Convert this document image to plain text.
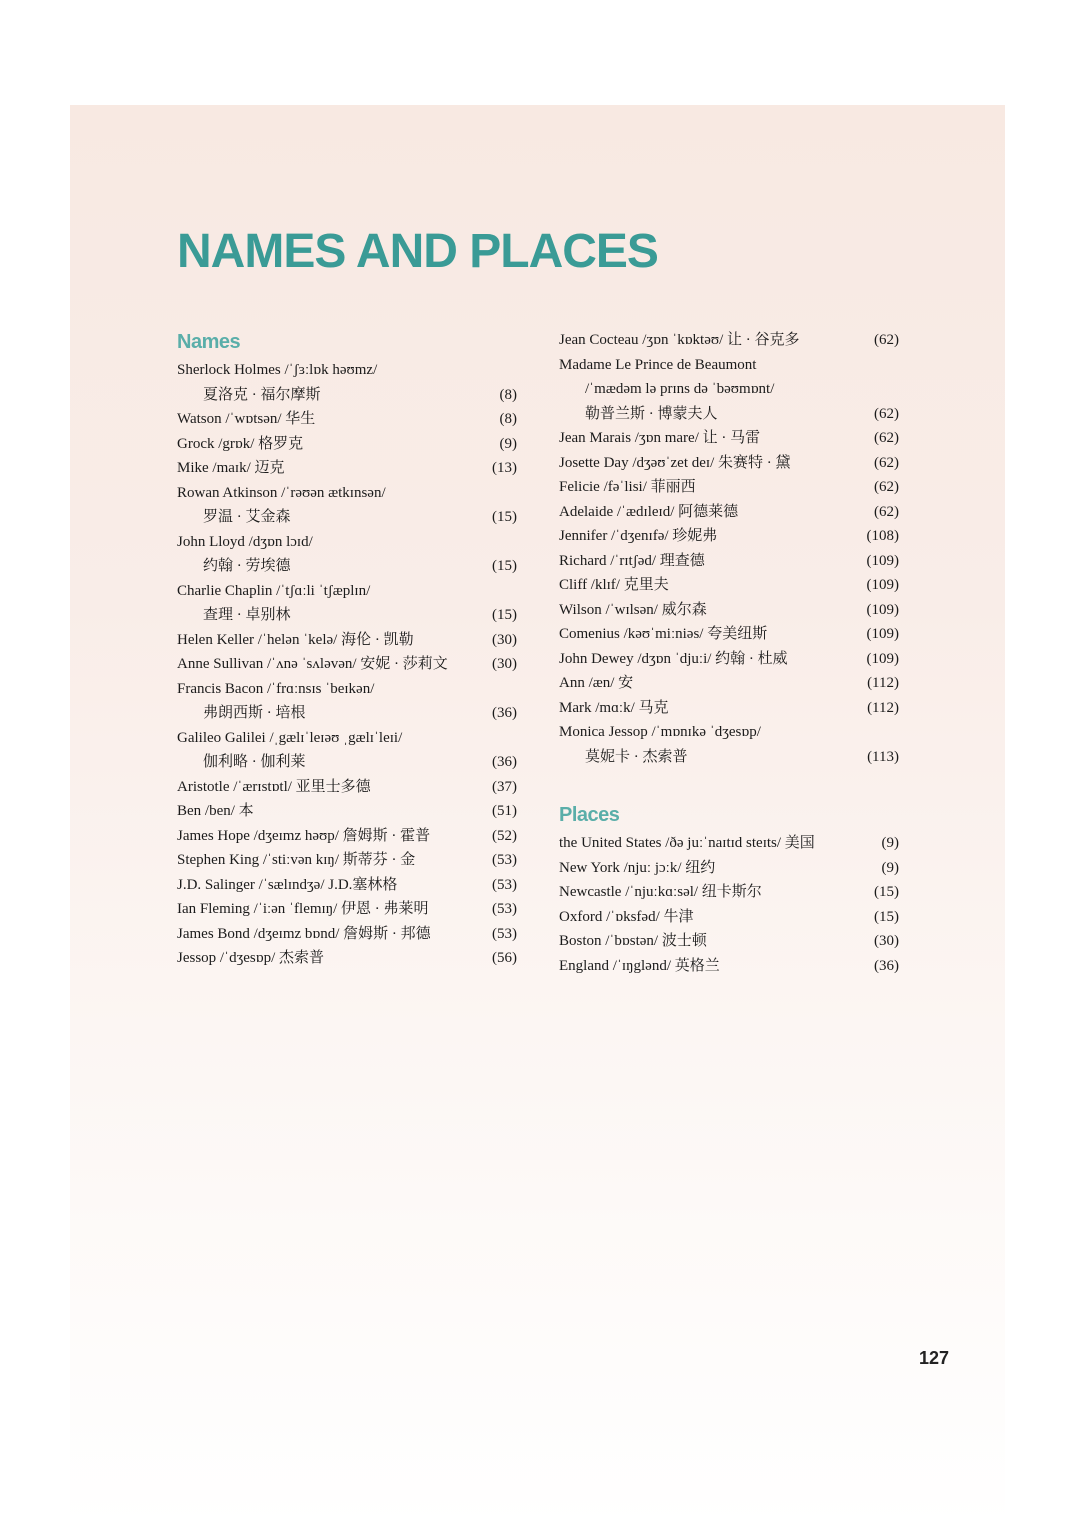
NAMES AND PLACES
Names
Sherlock Holmes /ˈʃɜːlɒk həʊmz/
夏洛克 · 福尔摩斯	(8)
Watson /ˈwɒtsən/ 华生	(8)
Grock /grɒk/ 格罗克	(9)
Mike /maɪk/ 迈克	(13)
Rowan Atkinson /ˈrəʊən ætkɪnsən/
罗温 · 艾金森	(15)
John Lloyd /dʒɒn lɔɪd/
约翰 · 劳埃德	(15)
Charlie Chaplin /ˈtʃɑːli ˈtʃæplɪn/
查理 · 卓别林	(15)
Helen Keller /ˈhelən ˈkelə/ 海伦 · 凯勒	(30)
Anne Sullivan /ˈʌnə ˈsʌləvən/ 安妮 · 莎莉文	(30)
Francis Bacon /ˈfrɑːnsɪs ˈbeɪkən/
弗朗西斯 · 培根	(36)
Galileo Galilei /ˌgælɪˈleɪəʊ ˌgælɪˈleɪi/
伽利略 · 伽利莱	(36)
Aristotle /ˈærɪstɒtl/ 亚里士多德	(37)
Ben /ben/ 本	(51)
James Hope /dʒeɪmz həʊp/ 詹姆斯 · 霍普	(52)
Stephen King /ˈstiːvən kɪŋ/ 斯蒂芬 · 金	(53)
J.D. Salinger /ˈsælɪndʒə/ J.D.塞林格	(53)
Ian Fleming /ˈiːən ˈflemɪŋ/ 伊恩 · 弗莱明	(53)
James Bond /dʒeɪmz bɒnd/ 詹姆斯 · 邦德	(53)
Jessop /ˈdʒesɒp/ 杰索普	(56)
Jean Cocteau /ʒɒn ˈkɒktəʊ/ 让 · 谷克多	(62)
Madame Le Prince de Beaumont
/ˈmædəm lə prɪns də ˈbəʊmɒnt/
勒普兰斯 · 博蒙夫人	(62)
Jean Marais /ʒɒn mare/ 让 · 马雷	(62)
Josette Day /dʒəʊˈzet deɪ/ 朱赛特 · 黛	(62)
Felicie /fəˈlisi/ 菲丽西	(62)
Adelaide /ˈædɪleɪd/ 阿德莱德	(62)
Jennifer /ˈdʒenɪfə/ 珍妮弗	(108)
Richard /ˈrɪtʃəd/ 理查德	(109)
Cliff /klɪf/ 克里夫	(109)
Wilson /ˈwɪlsən/ 威尔森	(109)
Comenius /kəʊˈmiːniəs/ 夸美纽斯	(109)
John Dewey /dʒɒn ˈdjuːi/ 约翰 · 杜威	(109)
Ann /æn/ 安	(112)
Mark /mɑːk/ 马克	(112)
Monica Jessop /ˈmɒnɪkə ˈdʒesɒp/
莫妮卡 · 杰索普	(113)
Places
the United States /ðə juːˈnaɪtɪd steɪts/ 美国	(9)
New York /njuː jɔːk/ 纽约	(9)
Newcastle /ˈnjuːkɑːsəl/ 纽卡斯尔	(15)
Oxford /ˈɒksfəd/ 牛津	(15)
Boston /ˈbɒstən/ 波士顿	(30)
England /ˈɪŋglənd/ 英格兰	(36)
127
